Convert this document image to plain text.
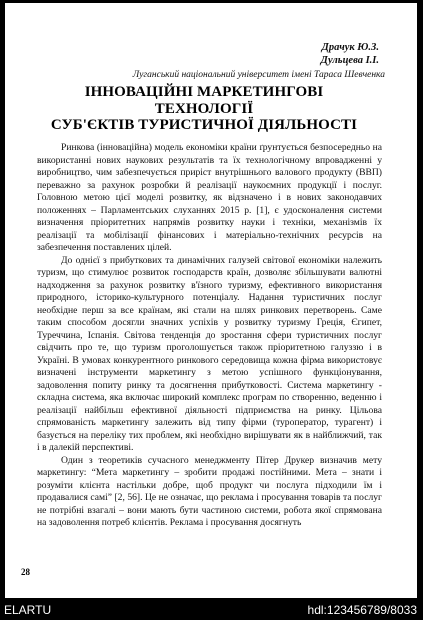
Драчук Ю.З.
Дульцева І.І.
Луганський національний університет імені Тараса Шевченка
ІННОВАЦІЙНІ МАРКЕТИНГОВІ
ТЕХНОЛОГІЇ
СУБ'ЄКТІВ ТУРИСТИЧНОЇ ДІЯЛЬНОСТІ

Ринкова (інноваційна) модель економіки країни ґрунтується безпосередньо на використанні нових наукових результатів та їх технологічному впровадженні у виробництво, чим забезпечується приріст внутрішнього валового продукту (ВВП) переважно за рахунок розробки й реалізації наукоємних продукції і послуг. Головною метою цієї моделі розвитку, як відзначено і в нових законодавчих положеннях – Парламентських слуханнях 2015 р. [1], є удосконалення системи визначення пріоритетних напрямів розвитку науки і техніки, механізмів їх реалізації та мобілізації фінансових і матеріально-технічних ресурсів на забезпечення поставлених цілей.

До однієї з прибуткових та динамічних галузей світової економіки належить туризм, що стимулює розвиток господарств країн, дозволяє збільшувати валютні надходження за рахунок розвитку в'їзного туризму, ефективного використання природного, історико-культурного потенціалу. Надання туристичних послуг необхідне перш за все країнам, які стали на шлях ринкових перетворень. Саме таким способом досягли значних успіхів у розвитку туризму Греція, Єгипет, Туреччина, Іспанія. Світова тенденція до зростання сфери туристичних послуг свідчить про те, що туризм проголошується також пріоритетною галуззю і в Україні. В умовах конкурентного ринкового середовища кожна фірма використовує визначені інструменти маркетингу з метою успішного функціонування, задоволення попиту ринку та досягнення прибутковості. Система маркетингу - складна система, яка включає широкий комплекс програм по створенню, веденню і реалізації найбільш ефективної діяльності підприємства на ринку. Цільова спрямованість маркетингу залежить від типу фірми (туроператор, турагент) і базується на переліку тих проблем, які необхідно вирішувати як в найближчий, так і в далекій перспективі.

Один з теоретиків сучасного менеджменту Пітер Друкер визначив мету маркетингу: “Мета маркетингу – зробити продажі постійними. Мета – знати і розуміти клієнта настільки добре, щоб продукт чи послуга підходили їм і продавалися самі” [2, 56]. Це не означає, що реклама і просування товарів та послуг не потрібні взагалі – вони мають бути частиною системи, робота якої спрямована на задоволення потреб клієнтів. Реклама і просування досягнуть

28
ELARTU	hdl:123456789/8033
